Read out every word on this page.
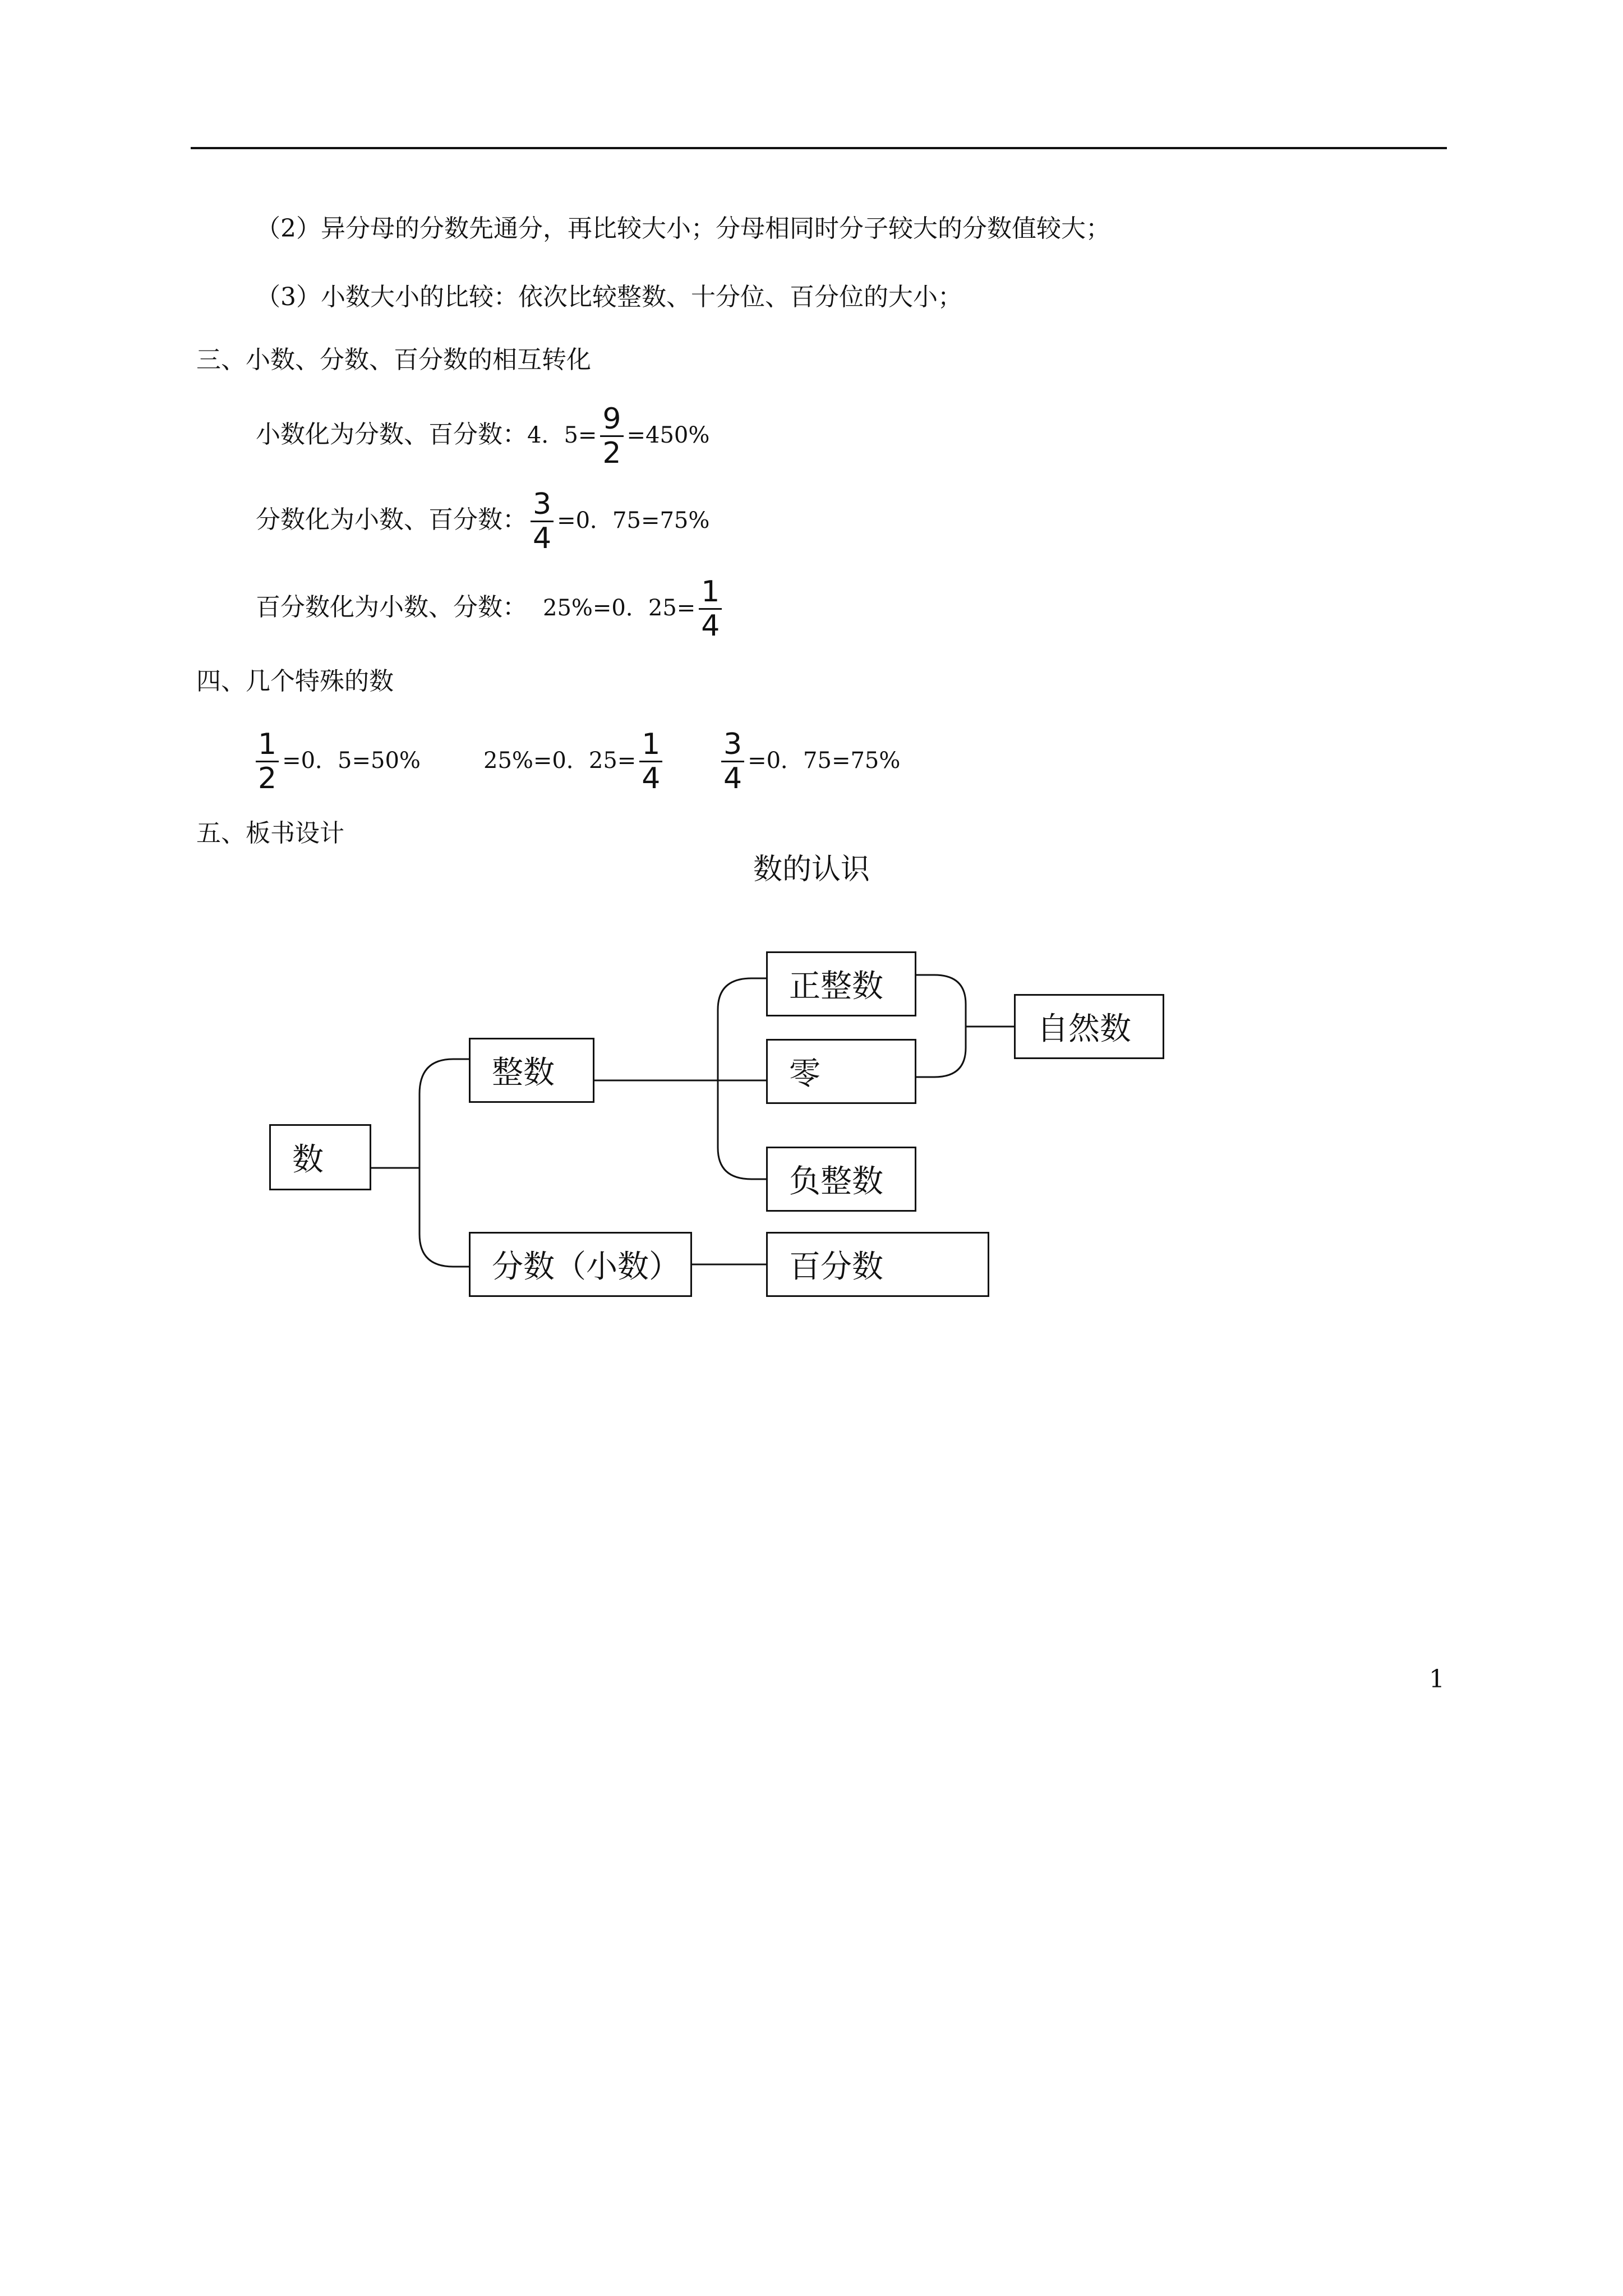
（2）异分母的分数先通分，再比较大小；分母相同时分子较大的分数值较大；
（3）小数大小的比较：依次比较整数、十分位、百分位的大小；
三、小数、分数、百分数的相互转化
小数化为分数、百分数：4．$5= \frac{9}{2} =450\%$
分数化为小数、百分数： $\frac{3}{4} =0$．75=75%
百分数化为小数、分数： 25%=0．$25= \frac{1}{4}$
四、几个特殊的数
$\frac{1}{2} =0$．5=50%	25%=0．$25= \frac{1}{4} \frac{3}{4} =0$．75=75%
五、板书设计
数的认识
数
整数
分数（小数）
正整数
零
负整数
自然数
百分数
1
